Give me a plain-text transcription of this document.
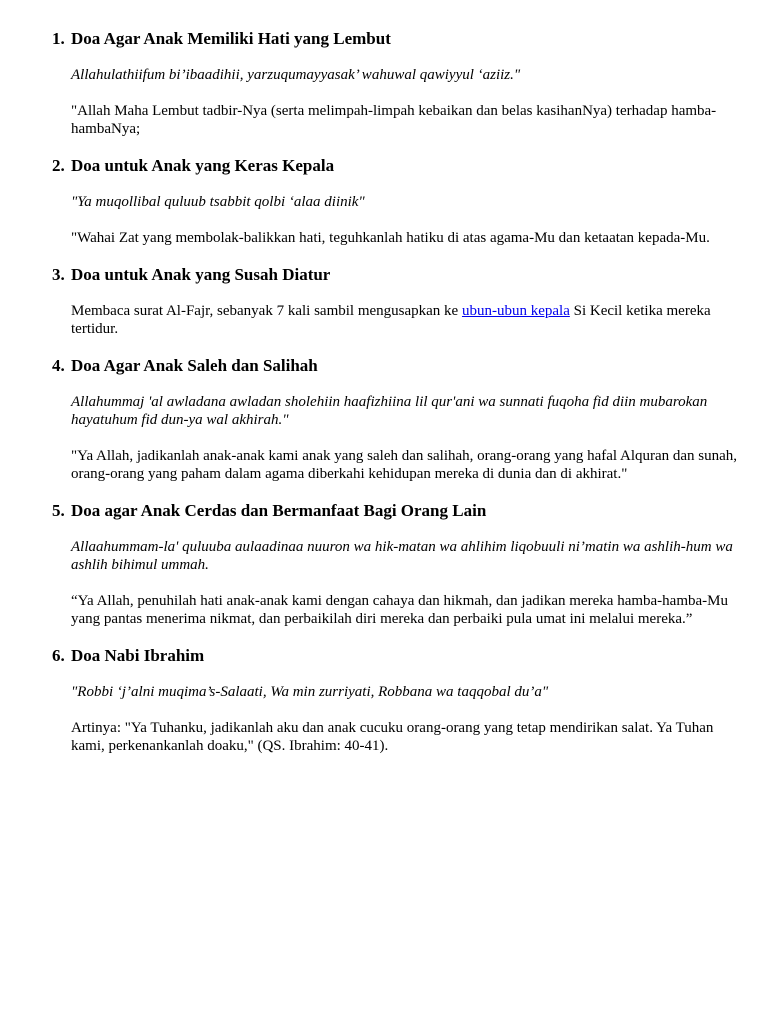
1. Doa Agar Anak Memiliki Hati yang Lembut

Allahulathiifum bi’ibaadihii, yarzuqumayyasak’ wahuwal qawiyyul ‘aziiz."

"Allah Maha Lembut tadbir-Nya (serta melimpah-limpah kebaikan dan belas kasihanNya) terhadap hamba-hambaNya;

2. Doa untuk Anak yang Keras Kepala

"Ya muqollibal quluub tsabbit qolbi ‘alaa diinik"

"Wahai Zat yang membolak-balikkan hati, teguhkanlah hatiku di atas agama-Mu dan ketaatan kepada-Mu.

3. Doa untuk Anak yang Susah Diatur

Membaca surat Al-Fajr, sebanyak 7 kali sambil mengusapkan ke ubun-ubun kepala Si Kecil ketika mereka tertidur.

4. Doa Agar Anak Saleh dan Salihah

Allahummaj 'al awladana awladan sholehiin haafizhiina lil qur'ani wa sunnati fuqoha fid diin mubarokan hayatuhum fid dun-ya wal akhirah."

"Ya Allah, jadikanlah anak-anak kami anak yang saleh dan salihah, orang-orang yang hafal Alquran dan sunah, orang-orang yang paham dalam agama diberkahi kehidupan mereka di dunia dan di akhirat."

5. Doa agar Anak Cerdas dan Bermanfaat Bagi Orang Lain

Allaahummam-la' quluuba aulaadinaa nuuron wa hik-matan wa ahlihim liqobuuli ni’matin wa ashlih-hum wa ashlih bihimul ummah.

“Ya Allah, penuhilah hati anak-anak kami dengan cahaya dan hikmah, dan jadikan mereka hamba-hamba-Mu yang pantas menerima nikmat, dan perbaikilah diri mereka dan perbaiki pula umat ini melalui mereka.”

6. Doa Nabi Ibrahim

"Robbi ‘j’alni muqima’s-Salaati, Wa min zurriyati, Robbana wa taqqobal du’a"

Artinya: "Ya Tuhanku, jadikanlah aku dan anak cucuku orang-orang yang tetap mendirikan salat. Ya Tuhan kami, perkenankanlah doaku," (QS. Ibrahim: 40-41).
